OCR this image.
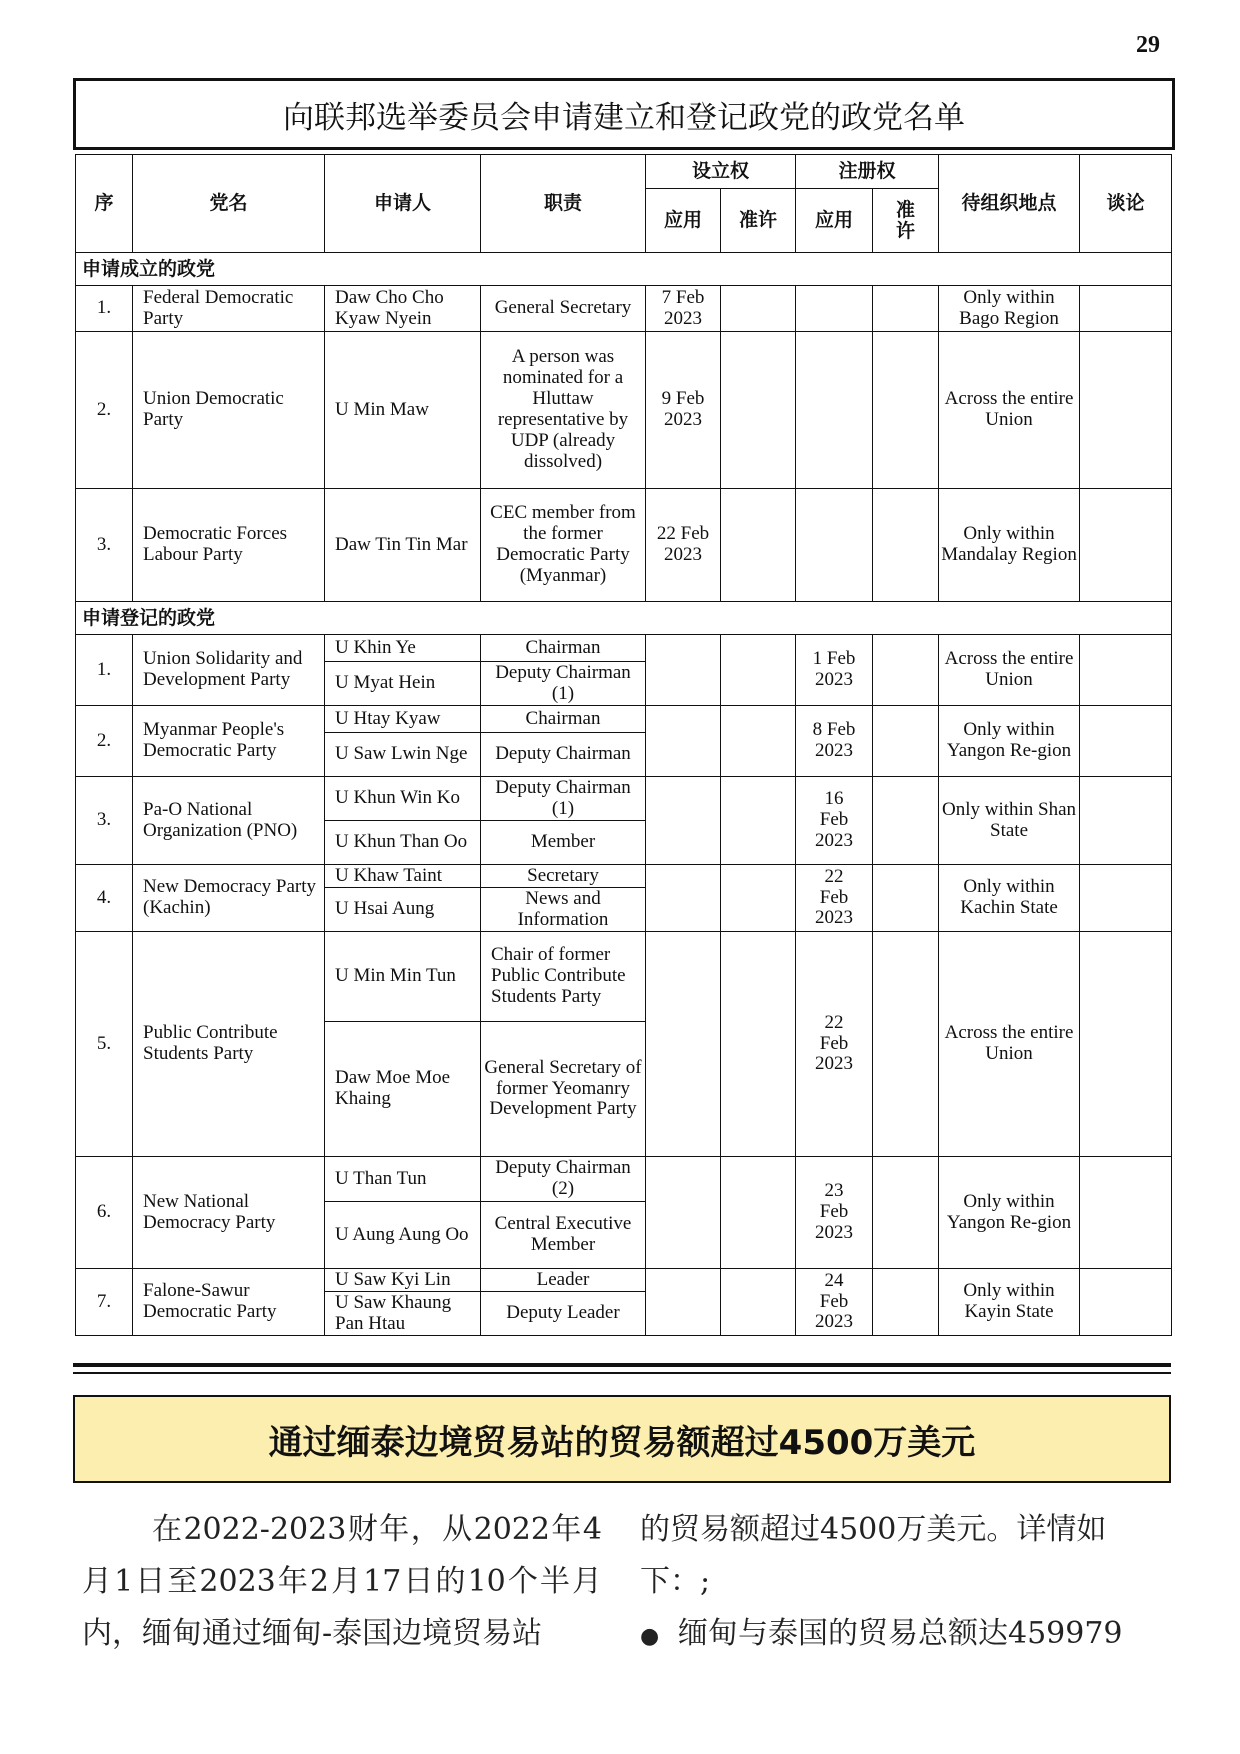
29
向联邦选举委员会申请建立和登记政党的政党名单
序	党名	申请人	职责	设立权		注册权		待组织地点	谈论
				应用	准许	应用	准许		
申请成立的政党									
1.	Federal Democratic Party	Daw Cho Cho Kyaw Nyein	General Secretary	7 Feb 2023				Only within Bago Region	
2.	Union Democratic Party	U Min Maw	A person was nominated for a Hluttaw representative by UDP (already dissolved)	9 Feb 2023				Across the entire Union	
3.	Democratic Forces Labour Party	Daw Tin Tin Mar	CEC member from the former Democratic Party (Myanmar)	22 Feb 2023				Only within Mandalay Region	
申请登记的政党									
1.	Union Solidarity and Development Party	U Khin Ye	Chairman			1 Feb 2023		Across the entire Union	
		U Myat Hein	Deputy Chairman (1)						
2.	Myanmar People's Democratic Party	U Htay Kyaw	Chairman			8 Feb 2023		Only within Yangon Re-gion	
		U Saw Lwin Nge	Deputy Chairman						
3.	Pa-O National Organization (PNO)	U Khun Win Ko	Deputy Chairman (1)			16 Feb 2023		Only within Shan State	
		U Khun Than Oo	Member						
4.	New Democracy Party (Kachin)	U Khaw Taint	Secretary			22 Feb 2023		Only within Kachin State	
		U Hsai Aung	News and Information						
5.	Public Contribute Students Party	U Min Min Tun	Chair of former Public Contribute Students Party			22 Feb 2023		Across the entire Union	
		Daw Moe Moe Khaing	General Secretary of former Yeomanry Development Party						
6.	New National Democracy Party	U Than Tun	Deputy Chairman (2)			23 Feb 2023		Only within Yangon Re-gion	
		U Aung Aung Oo	Central Executive Member						
7.	Falone-Sawur Democratic Party	U Saw Kyi Lin	Leader			24 Feb 2023		Only within Kayin State	
		U Saw Khaung Pan Htau	Deputy Leader						
通过缅泰边境贸易站的贸易额超过4500万美元
在2022-2023财年，从2022年4月1日至2023年2月17日的10个半月内，缅甸通过缅甸-泰国边境贸易站
的贸易额超过4500万美元。详情如下：;
● 缅甸与泰国的贸易总额达459979
